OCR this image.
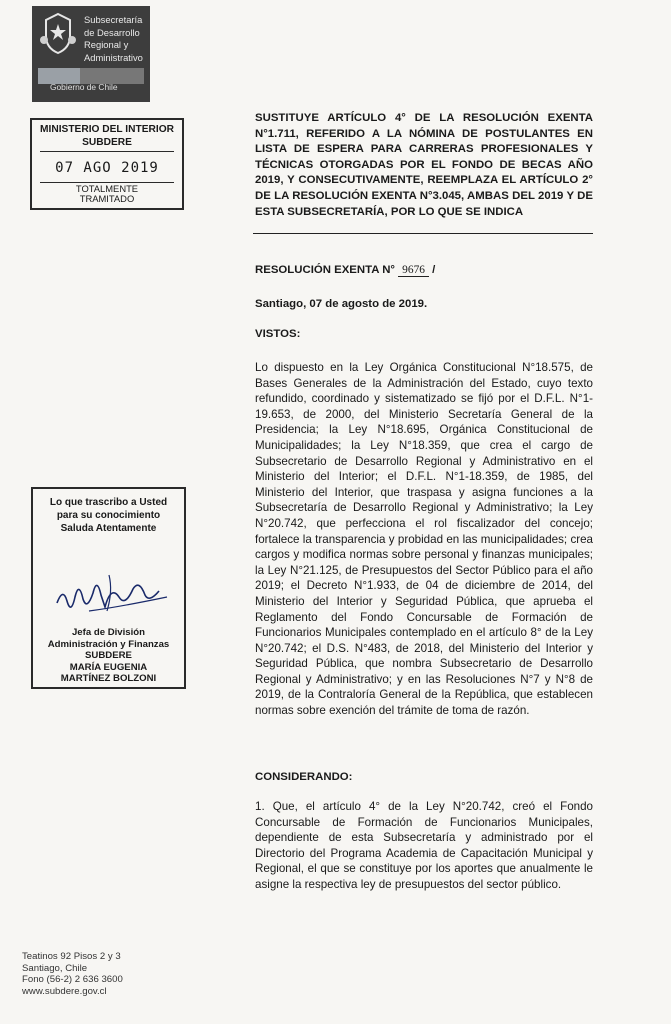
Subsecretaría
de Desarrollo
Regional y
Administrativo
Gobierno de Chile
MINISTERIO DEL INTERIOR
SUBDERE
07 AGO 2019
TOTALMENTE
TRAMITADO
SUSTITUYE ARTÍCULO 4° DE LA RESOLUCIÓN EXENTA N°1.711, REFERIDO A LA NÓMINA DE POSTULANTES EN LISTA DE ESPERA PARA CARRERAS PROFESIONALES Y TÉCNICAS OTORGADAS POR EL FONDO DE BECAS AÑO 2019, Y CONSECUTIVAMENTE, REEMPLAZA EL ARTÍCULO 2° DE LA RESOLUCIÓN EXENTA N°3.045, AMBAS DEL 2019 Y DE ESTA SUBSECRETARÍA, POR LO QUE SE INDICA
RESOLUCIÓN EXENTA N° 9676 /
Santiago, 07 de agosto de 2019.
VISTOS:
Lo dispuesto en la Ley Orgánica Constitucional N°18.575, de Bases Generales de la Administración del Estado, cuyo texto refundido, coordinado y sistematizado se fijó por el D.F.L. N°1-19.653, de 2000, del Ministerio Secretaría General de la Presidencia; la Ley N°18.695, Orgánica Constitucional de Municipalidades; la Ley N°18.359, que crea el cargo de Subsecretario de Desarrollo Regional y Administrativo en el Ministerio del Interior; el D.F.L. N°1-18.359, de 1985, del Ministerio del Interior, que traspasa y asigna funciones a la Subsecretaría de Desarrollo Regional y Administrativo; la Ley N°20.742, que perfecciona el rol fiscalizador del concejo; fortalece la transparencia y probidad en las municipalidades; crea cargos y modifica normas sobre personal y finanzas municipales; la Ley N°21.125, de Presupuestos del Sector Público para el año 2019; el Decreto N°1.933, de 04 de diciembre de 2014, del Ministerio del Interior y Seguridad Pública, que aprueba el Reglamento del Fondo Concursable de Formación de Funcionarios Municipales contemplado en el artículo 8° de la Ley N°20.742; el D.S. N°483, de 2018, del Ministerio del Interior y Seguridad Pública, que nombra Subsecretario de Desarrollo Regional y Administrativo; y en las Resoluciones N°7 y N°8 de 2019, de la Contraloría General de la República, que establecen normas sobre exención del trámite de toma de razón.
CONSIDERANDO:
1. Que, el artículo 4° de la Ley N°20.742, creó el Fondo Concursable de Formación de Funcionarios Municipales, dependiente de esta Subsecretaría y administrado por el Directorio del Programa Academia de Capacitación Municipal y Regional, el que se constituye por los aportes que anualmente le asigne la respectiva ley de presupuestos del sector público.
Lo que trascribo a Usted
para su conocimiento
Saluda Atentamente
Jefa de División
Administración y Finanzas
SUBDERE
MARÍA EUGENIA
MARTÍNEZ BOLZONI
Teatinos 92 Pisos 2 y 3
Santiago, Chile
Fono (56-2) 2 636 3600
www.subdere.gov.cl
